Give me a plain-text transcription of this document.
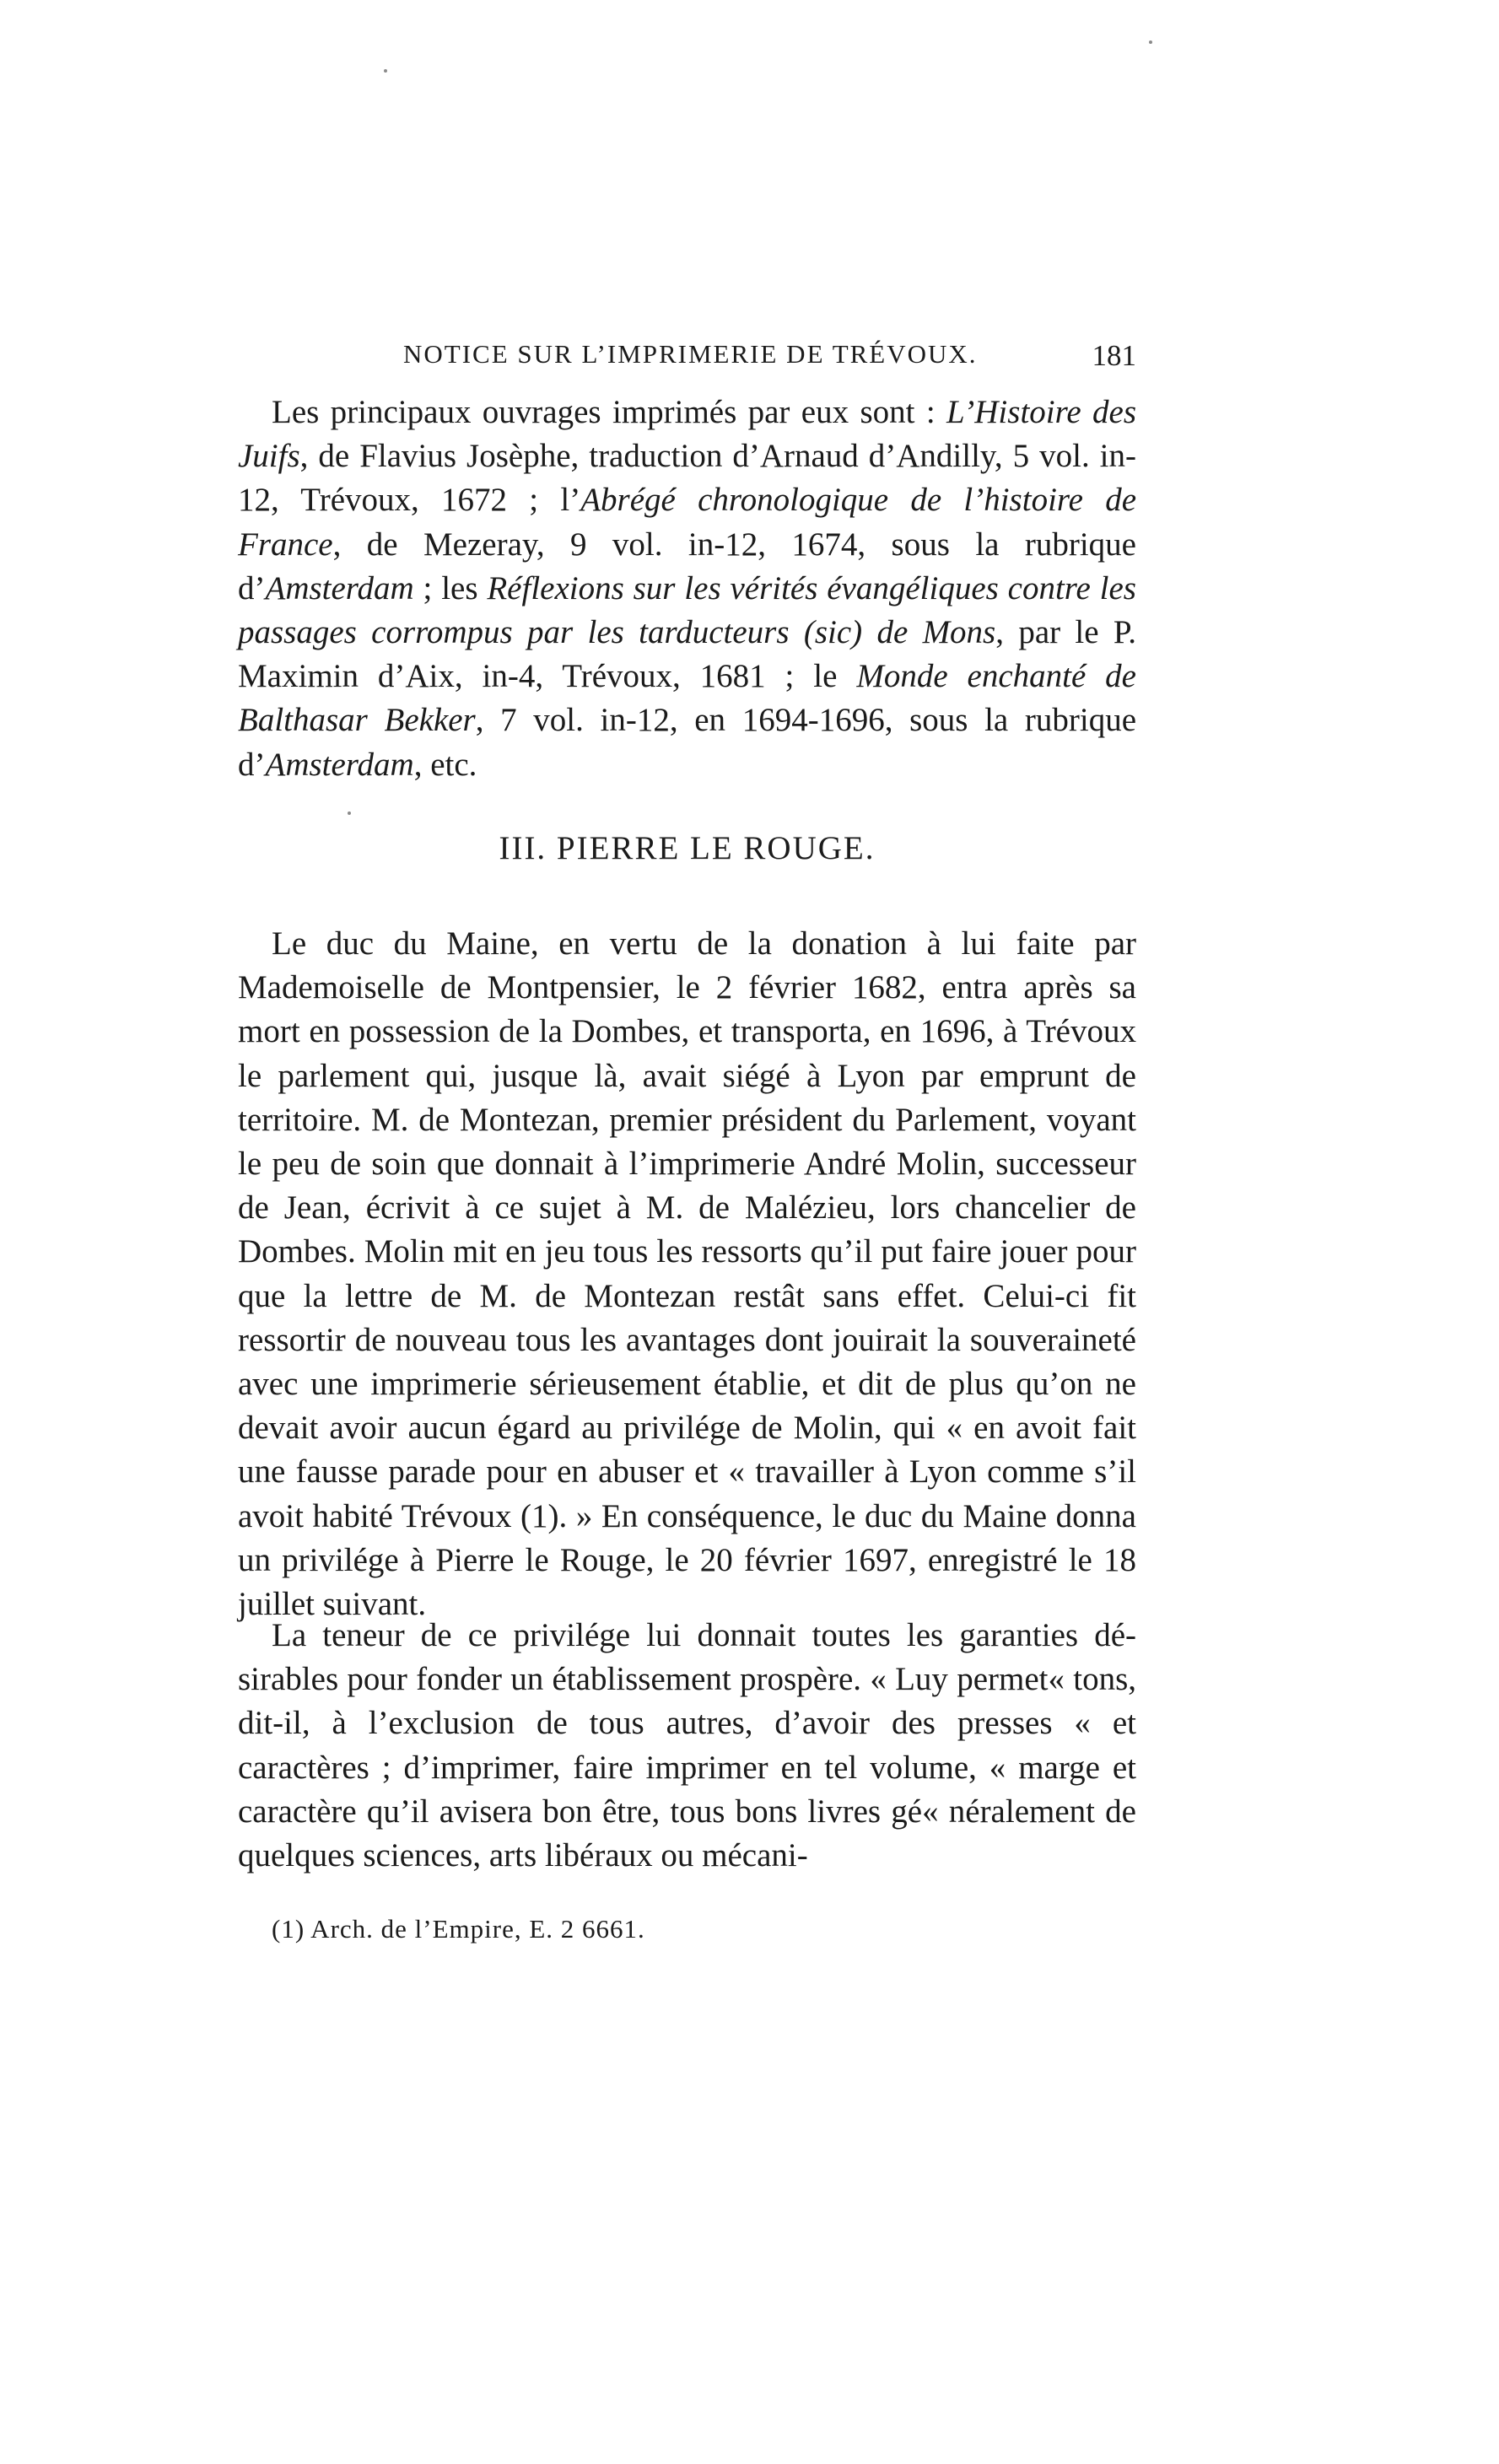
NOTICE SUR L’IMPRIMERIE DE TRÉVOUX.	181

Les principaux ouvrages imprimés par eux sont : L’Histoire des Juifs, de Flavius Josèphe, traduction d’Arnaud d’Andilly, 5 vol. in-12, Trévoux, 1672 ; l’Abrégé chronologique de l’histoire de France, de Mezeray, 9 vol. in-12, 1674, sous la rubrique d’Amsterdam ; les Réflexions sur les vérités évangéliques contre les passages corrompus par les tarducteurs (sic) de Mons, par le P. Maximin d’Aix, in-4, Trévoux, 1681 ; le Monde enchanté de Balthasar Bekker, 7 vol. in-12, en 1694-1696, sous la rubrique d’Amsterdam, etc.

III. PIERRE LE ROUGE.

Le duc du Maine, en vertu de la donation à lui faite par Mademoiselle de Montpensier, le 2 février 1682, entra après sa mort en possession de la Dombes, et transporta, en 1696, à Trévoux le parlement qui, jusque là, avait siégé à Lyon par emprunt de territoire. M. de Montezan, premier président du Parlement, voyant le peu de soin que donnait à l’imprimerie André Molin, successeur de Jean, écrivit à ce sujet à M. de Malézieu, lors chancelier de Dombes. Molin mit en jeu tous les ressorts qu’il put faire jouer pour que la lettre de M. de Montezan restât sans effet. Celui-ci fit ressortir de nouveau tous les avantages dont jouirait la souveraineté avec une imprimerie sérieusement établie, et dit de plus qu’on ne devait avoir aucun égard au privilége de Molin, qui « en avoit fait une fausse parade pour en abuser et « travailler à Lyon comme s’il avoit habité Trévoux (1). » En conséquence, le duc du Maine donna un privilége à Pierre le Rouge, le 20 février 1697, enregistré le 18 juillet suivant.

La teneur de ce privilége lui donnait toutes les garanties désirables pour fonder un établissement prospère. « Luy permet« tons, dit-il, à l’exclusion de tous autres, d’avoir des presses « et caractères ; d’imprimer, faire imprimer en tel volume, « marge et caractère qu’il avisera bon être, tous bons livres gé« néralement de quelques sciences, arts libéraux ou mécani-

(1) Arch. de l’Empire, E. 2 6661.
